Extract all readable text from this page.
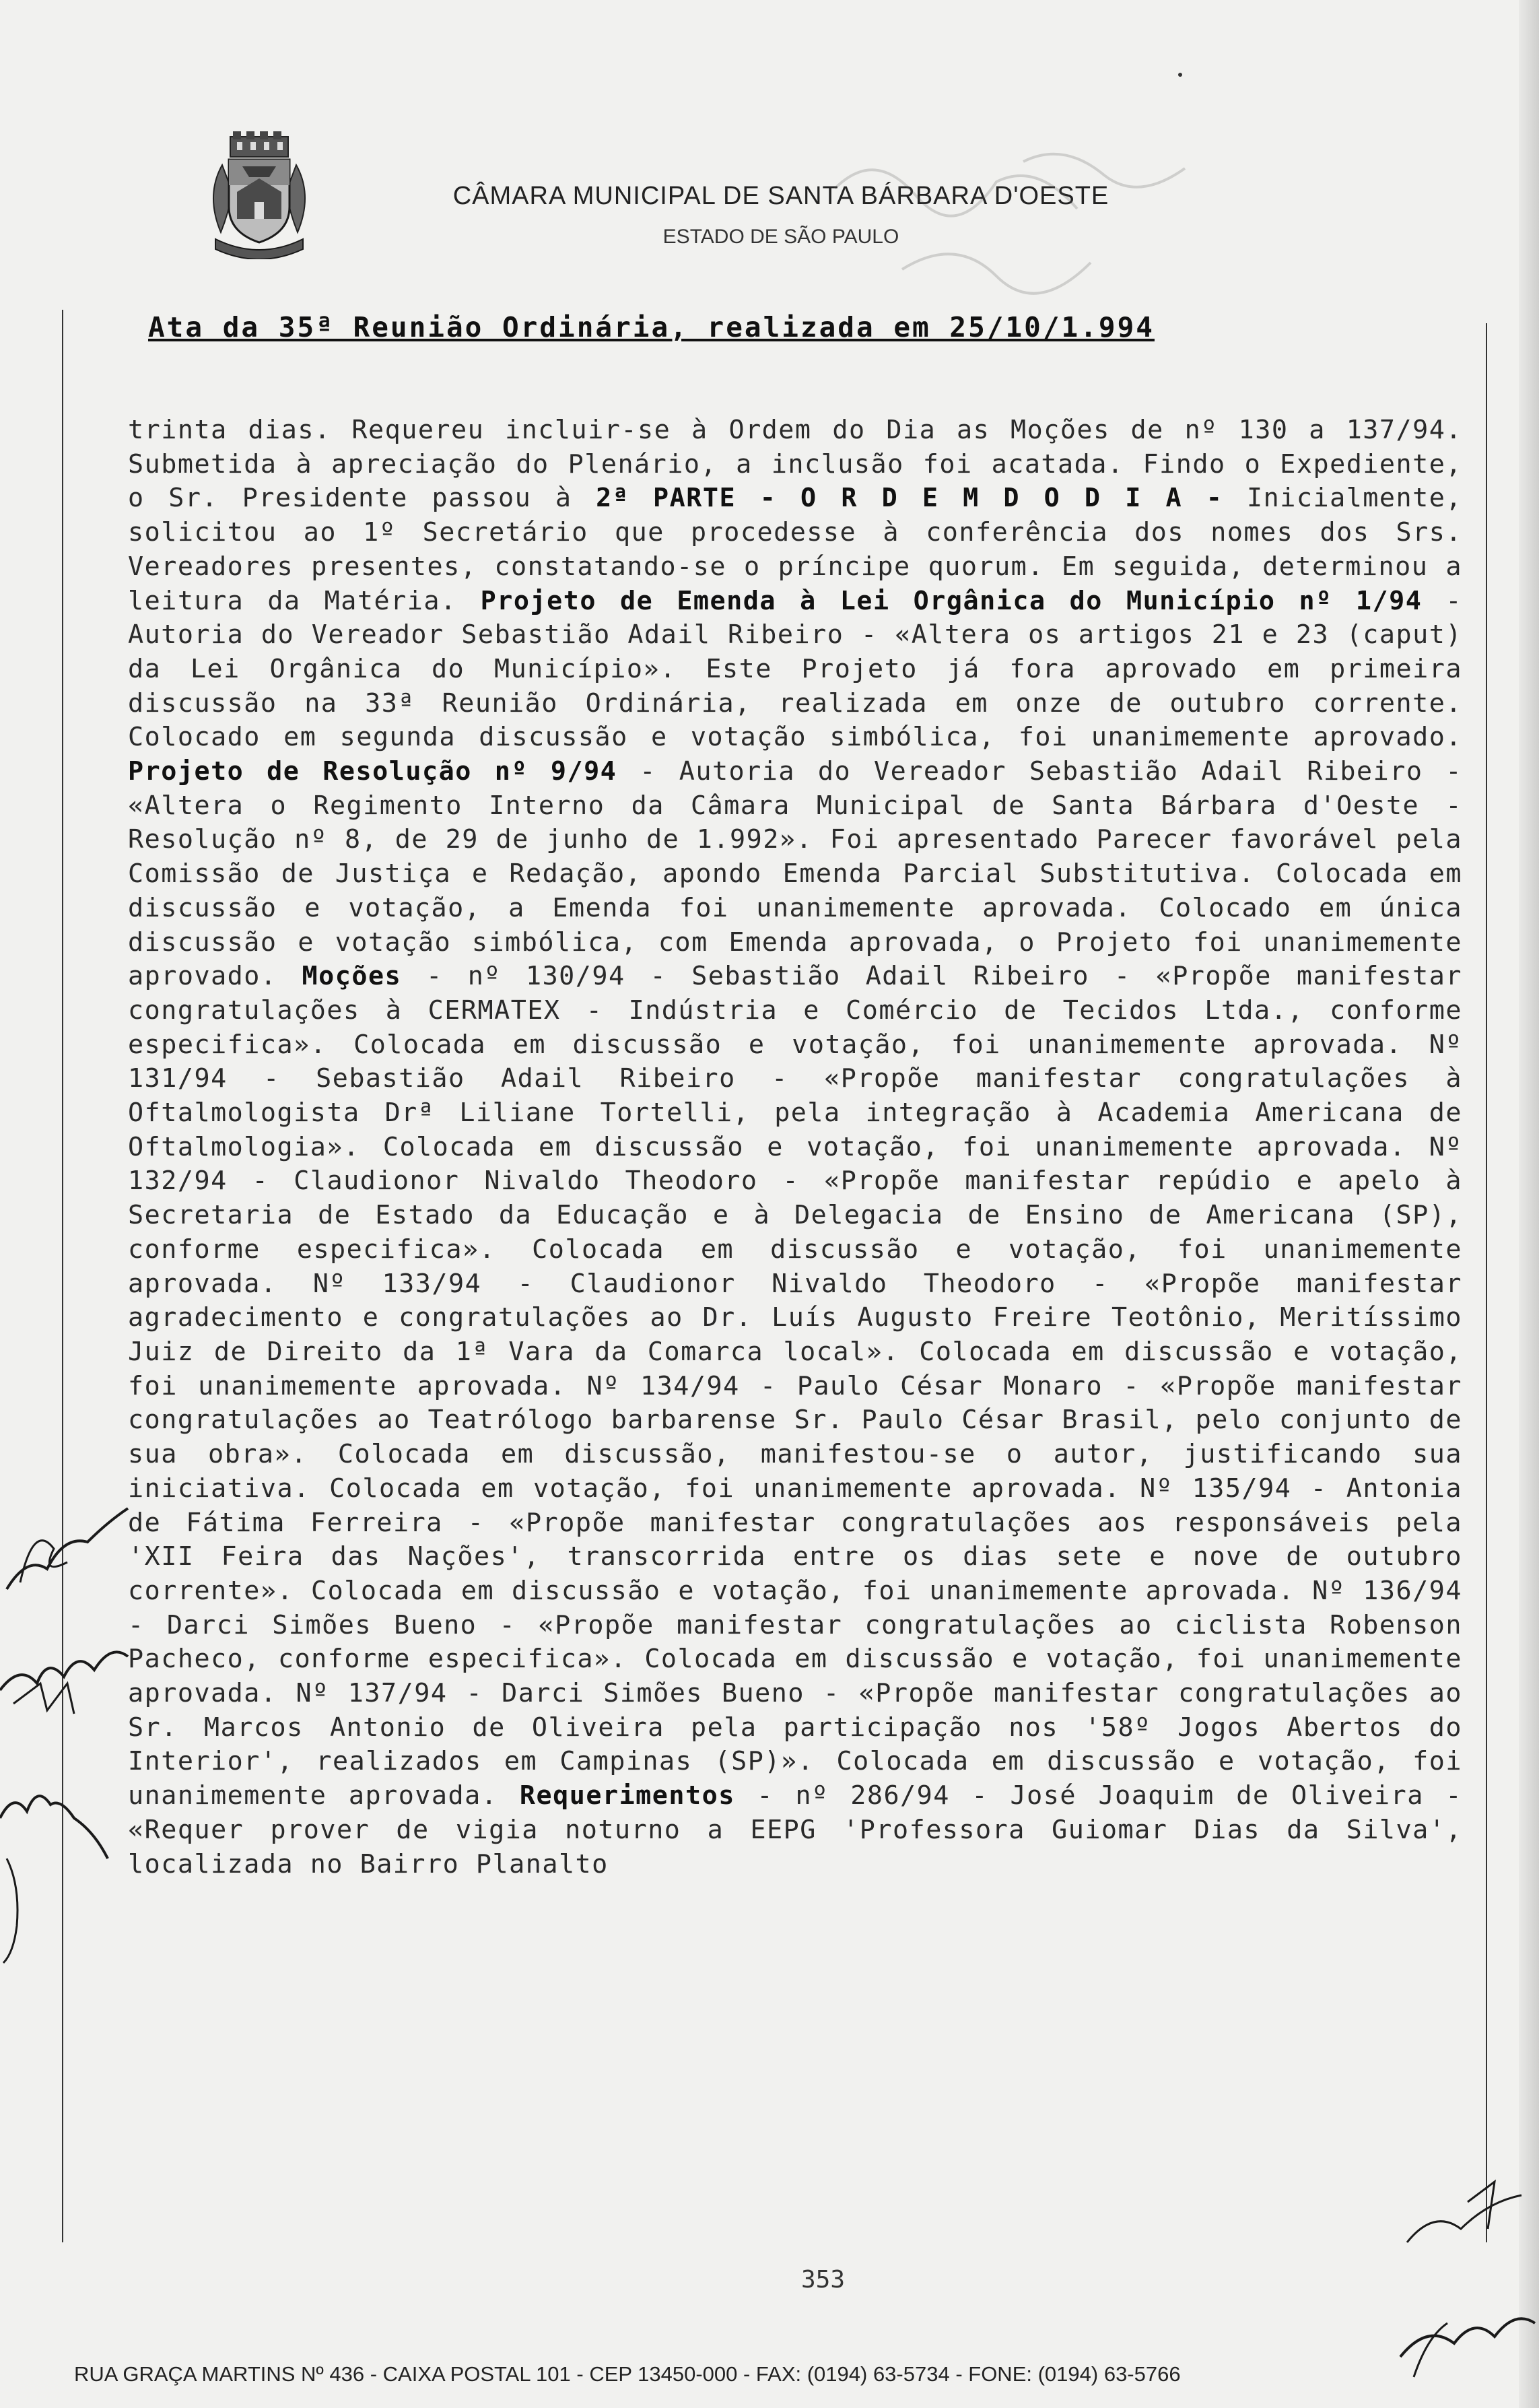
CÂMARA MUNICIPAL DE SANTA BÁRBARA D'OESTE

ESTADO DE SÃO PAULO

Ata da 35ª Reunião Ordinária, realizada em 25/10/1.994

trinta dias. Requereu incluir-se à Ordem do Dia as Moções de nº 130 a 137/94. Submetida à apreciação do Plenário, a inclusão foi acatada. Findo o Expediente, o Sr. Presidente passou à 2ª PARTE - O R D E M D O D I A - Inicialmente, solicitou ao 1º Secretário que procedesse à conferência dos nomes dos Srs. Vereadores presentes, constatando-se o príncipe quorum. Em seguida, determinou a leitura da Matéria. Projeto de Emenda à Lei Orgânica do Município nº 1/94 - Autoria do Vereador Sebastião Adail Ribeiro - «Altera os artigos 21 e 23 (caput) da Lei Orgânica do Município». Este Projeto já fora aprovado em primeira discussão na 33ª Reunião Ordinária, realizada em onze de outubro corrente. Colocado em segunda discussão e votação simbólica, foi unanimemente aprovado. Projeto de Resolução nº 9/94 - Autoria do Vereador Sebastião Adail Ribeiro - «Altera o Regimento Interno da Câmara Municipal de Santa Bárbara d'Oeste - Resolução nº 8, de 29 de junho de 1.992». Foi apresentado Parecer favorável pela Comissão de Justiça e Redação, apondo Emenda Parcial Substitutiva. Colocada em discussão e votação, a Emenda foi unanimemente aprovada. Colocado em única discussão e votação simbólica, com Emenda aprovada, o Projeto foi unanimemente aprovado. Moções - nº 130/94 - Sebastião Adail Ribeiro - «Propõe manifestar congratulações à CERMATEX - Indústria e Comércio de Tecidos Ltda., conforme especifica». Colocada em discussão e votação, foi unanimemente aprovada. Nº 131/94 - Sebastião Adail Ribeiro - «Propõe manifestar congratulações à Oftalmologista Drª Liliane Tortelli, pela integração à Academia Americana de Oftalmologia». Colocada em discussão e votação, foi unanimemente aprovada. Nº 132/94 - Claudionor Nivaldo Theodoro - «Propõe manifestar repúdio e apelo à Secretaria de Estado da Educação e à Delegacia de Ensino de Americana (SP), conforme especifica». Colocada em discussão e votação, foi unanimemente aprovada. Nº 133/94 - Claudionor Nivaldo Theodoro - «Propõe manifestar agradecimento e congratulações ao Dr. Luís Augusto Freire Teotônio, Meritíssimo Juiz de Direito da 1ª Vara da Comarca local». Colocada em discussão e votação, foi unanimemente aprovada. Nº 134/94 - Paulo César Monaro - «Propõe manifestar congratulações ao Teatrólogo barbarense Sr. Paulo César Brasil, pelo conjunto de sua obra». Colocada em discussão, manifestou-se o autor, justificando sua iniciativa. Colocada em votação, foi unanimemente aprovada. Nº 135/94 - Antonia de Fátima Ferreira - «Propõe manifestar congratulações aos responsáveis pela 'XII Feira das Nações', transcorrida entre os dias sete e nove de outubro corrente». Colocada em discussão e votação, foi unanimemente aprovada. Nº 136/94 - Darci Simões Bueno - «Propõe manifestar congratulações ao ciclista Robenson Pacheco, conforme especifica». Colocada em discussão e votação, foi unanimemente aprovada. Nº 137/94 - Darci Simões Bueno - «Propõe manifestar congratulações ao Sr. Marcos Antonio de Oliveira pela participação nos '58º Jogos Abertos do Interior', realizados em Campinas (SP)». Colocada em discussão e votação, foi unanimemente aprovada. Requerimentos - nº 286/94 - José Joaquim de Oliveira - «Requer prover de vigia noturno a EEPG 'Professora Guiomar Dias da Silva', localizada no Bairro Planalto

353

RUA GRAÇA MARTINS Nº 436 - CAIXA POSTAL 101 - CEP 13450-000 - FAX: (0194) 63-5734 - FONE: (0194) 63-5766
